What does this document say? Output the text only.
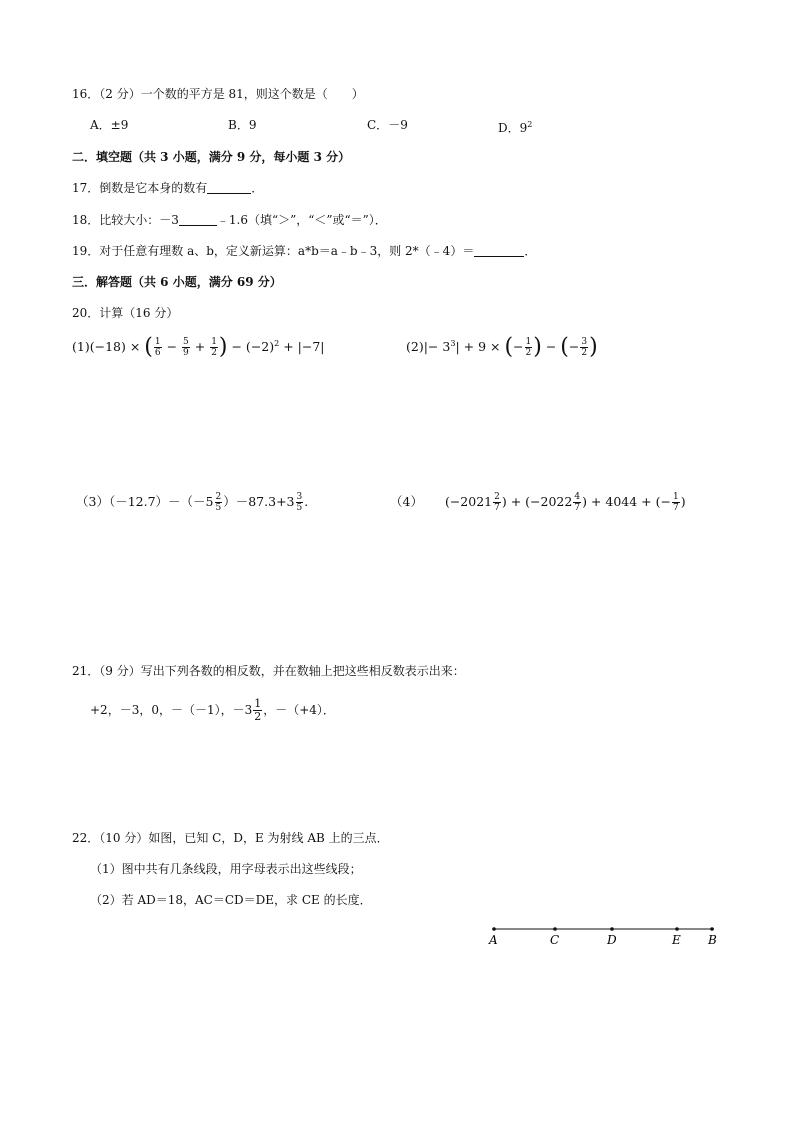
16．（2 分）一个数的平方是 81，则这个数是（　　）
A．±9	B．9	C．－9	D．$9^2$
二．填空题（共 3 小题，满分 9 分，每小题 3 分）
17．倒数是它本身的数有	．
18．比较大小：－3	﹣1.6（填“＞”，“＜”或“＝”）．
19．对于任意有理数 a、b，定义新运算：a*b＝a﹣b﹣3，则 2*（﹣4）＝	．
三．解答题（共 6 小题，满分 69 分）
20．计算（16 分）
(1)(−18) × ( $\frac{1}{6} - \frac{5}{9} + \frac{1}{2}$ ) − $(-2)^2 + |-7|$	$(2)|- 3^3| + 9$ × (− $\frac{1}{2}$ ) − (− $\frac{3}{2}$ )
$(3)(-12.7)-(-5 \frac{2}{5} )-87.3+3 \frac{3}{5}$ .	（4） ($-2021 \frac{2}{7}$ ) + ($-2022 \frac{4}{7}$ ) + 4044 + (− $\frac{1}{7}$ )
21．（9 分）写出下列各数的相反数，并在数轴上把这些相反数表示出来：
+2，－3，0，－（－1），$-3 \frac{1}{2}$ ，－（+4）．
22．（10 分）如图，已知 C，D，E 为射线 AB 上的三点．
（1）图中共有几条线段，用字母表示出这些线段；
（2）若 AD＝18，AC＝CD＝DE，求 CE 的长度．
A	C	D	E B
